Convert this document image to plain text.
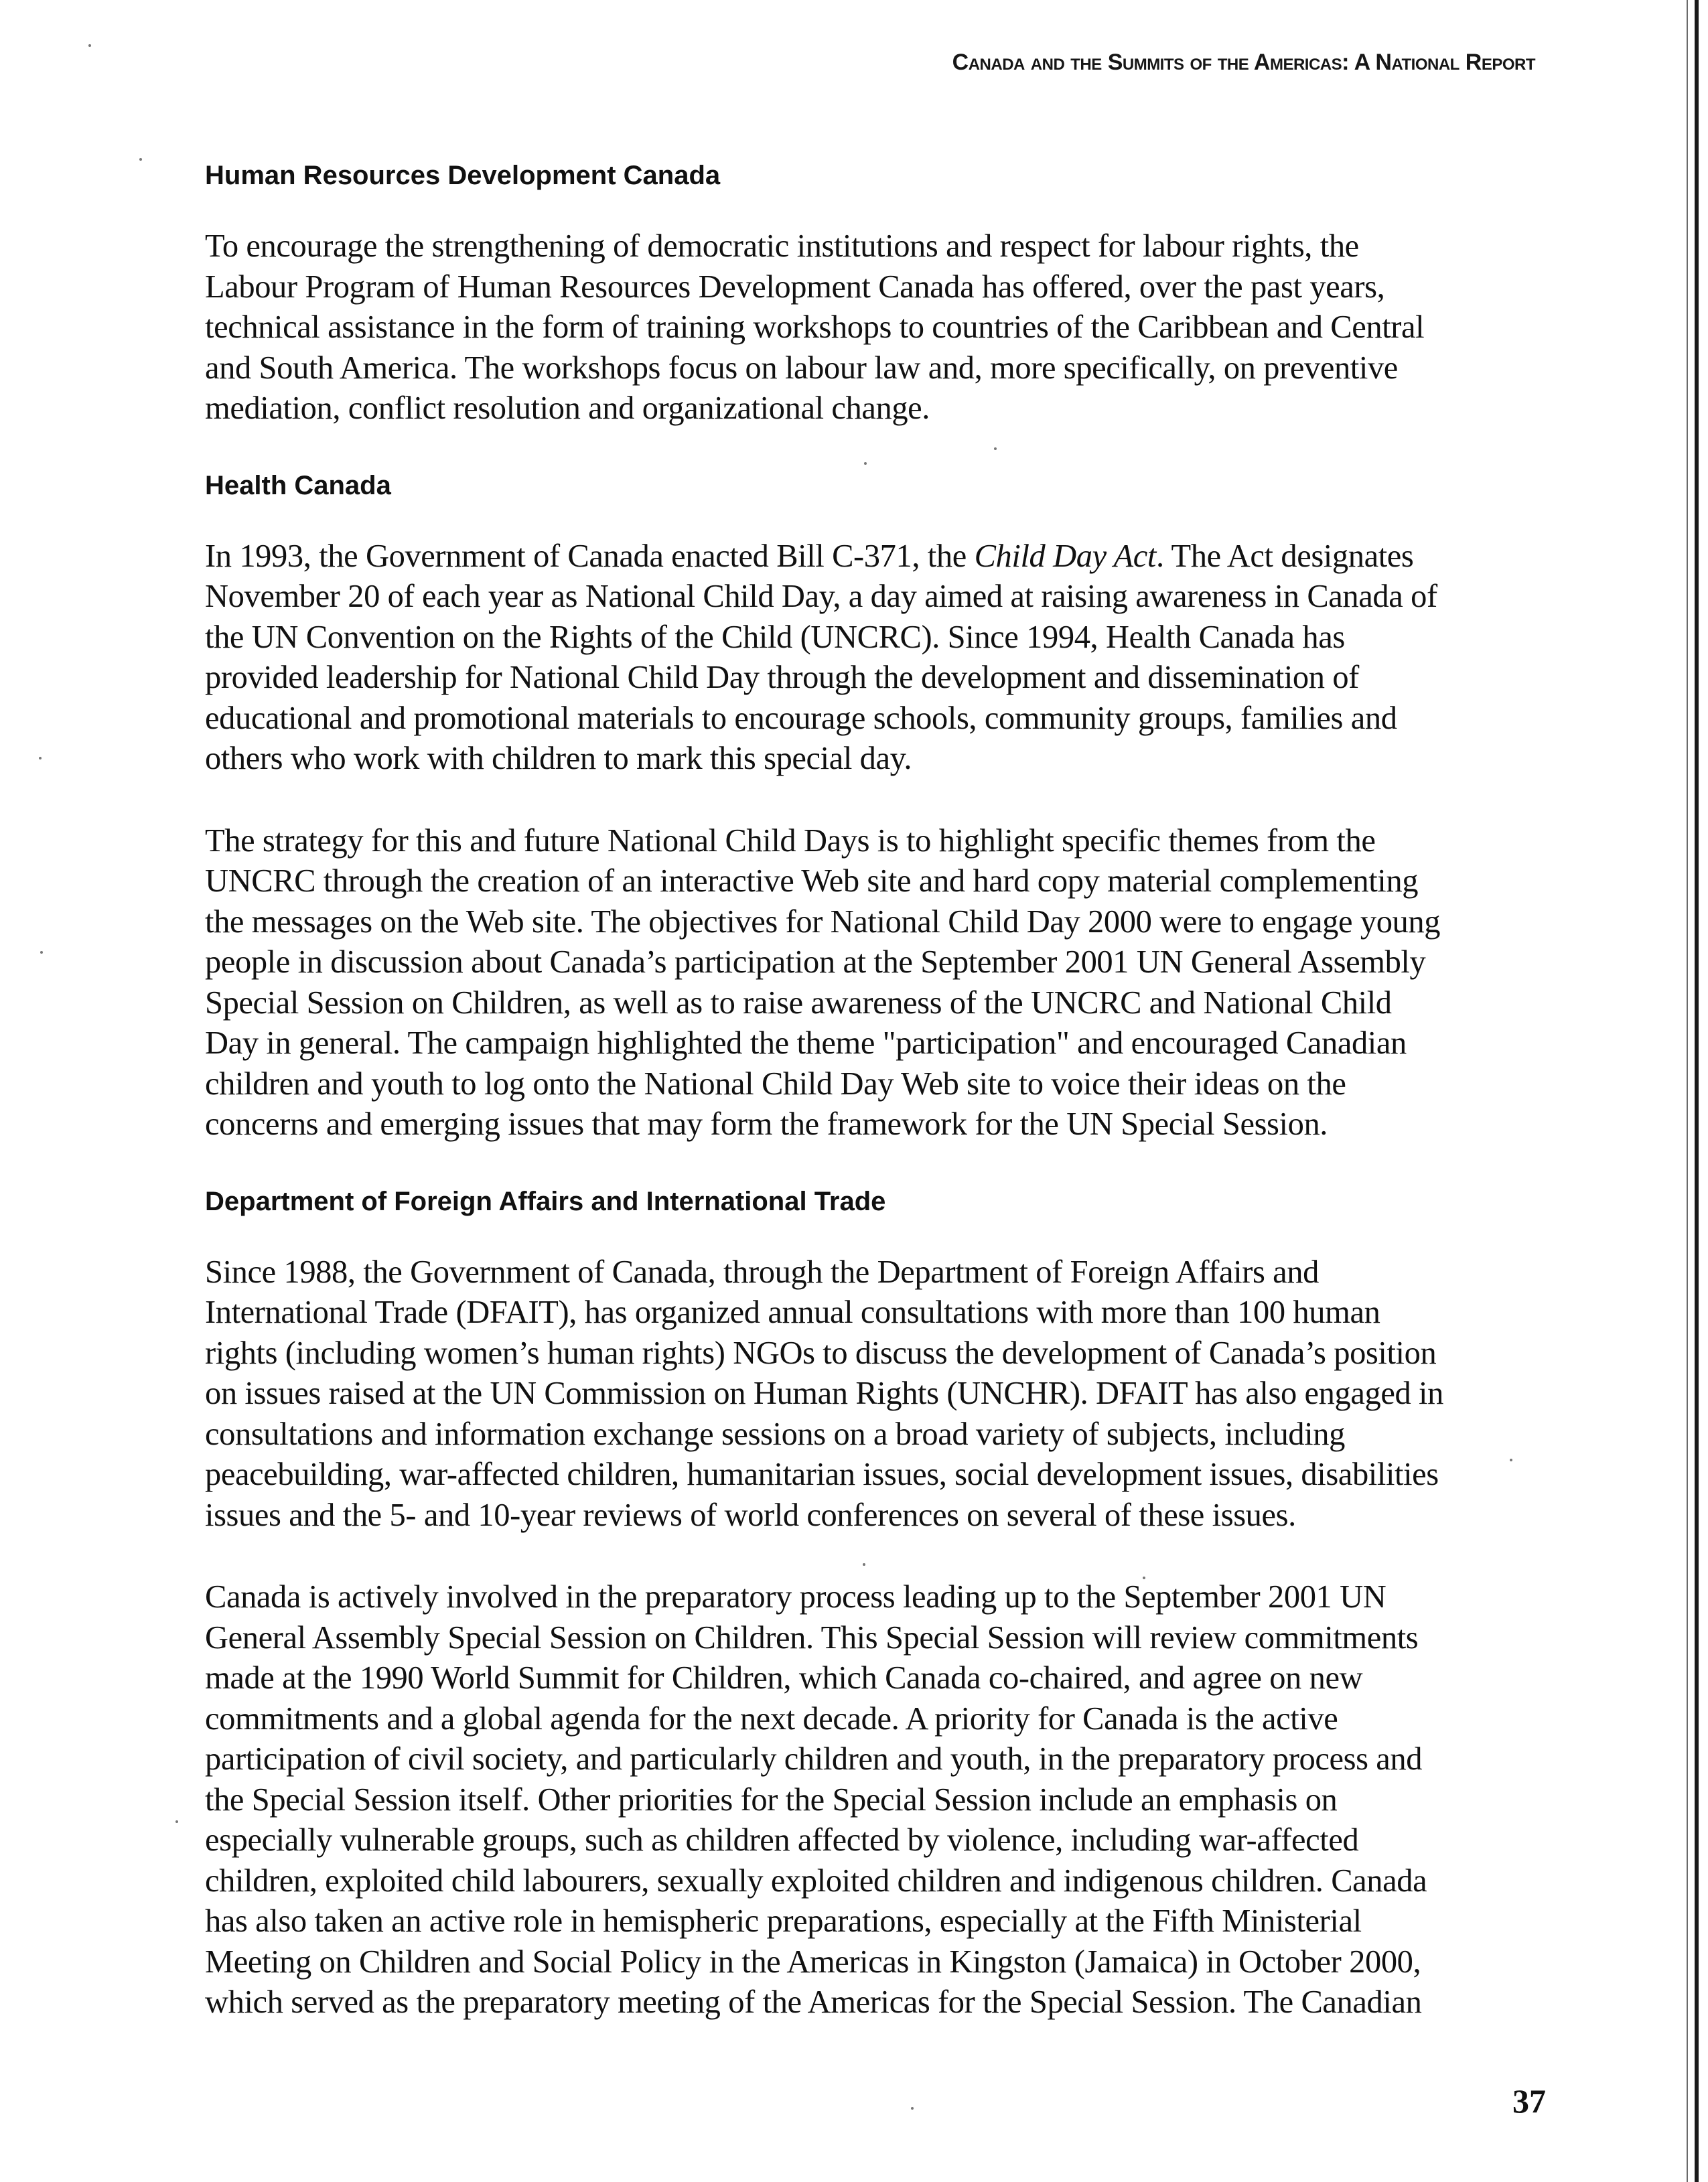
Canada and the Summits of the Americas: A National Report
Human Resources Development Canada

To encourage the strengthening of democratic institutions and respect for labour rights, the
Labour Program of Human Resources Development Canada has offered, over the past years,
technical assistance in the form of training workshops to countries of the Caribbean and Central
and South America. The workshops focus on labour law and, more specifically, on preventive
mediation, conflict resolution and organizational change.

Health Canada

In 1993, the Government of Canada enacted Bill C-371, the Child Day Act. The Act designates
November 20 of each year as National Child Day, a day aimed at raising awareness in Canada of
the UN Convention on the Rights of the Child (UNCRC). Since 1994, Health Canada has
provided leadership for National Child Day through the development and dissemination of
educational and promotional materials to encourage schools, community groups, families and
others who work with children to mark this special day.

The strategy for this and future National Child Days is to highlight specific themes from the
UNCRC through the creation of an interactive Web site and hard copy material complementing
the messages on the Web site. The objectives for National Child Day 2000 were to engage young
people in discussion about Canada’s participation at the September 2001 UN General Assembly
Special Session on Children, as well as to raise awareness of the UNCRC and National Child
Day in general. The campaign highlighted the theme "participation" and encouraged Canadian
children and youth to log onto the National Child Day Web site to voice their ideas on the
concerns and emerging issues that may form the framework for the UN Special Session.

Department of Foreign Affairs and International Trade

Since 1988, the Government of Canada, through the Department of Foreign Affairs and
International Trade (DFAIT), has organized annual consultations with more than 100 human
rights (including women’s human rights) NGOs to discuss the development of Canada’s position
on issues raised at the UN Commission on Human Rights (UNCHR). DFAIT has also engaged in
consultations and information exchange sessions on a broad variety of subjects, including
peacebuilding, war-affected children, humanitarian issues, social development issues, disabilities
issues and the 5- and 10-year reviews of world conferences on several of these issues.

Canada is actively involved in the preparatory process leading up to the September 2001 UN
General Assembly Special Session on Children. This Special Session will review commitments
made at the 1990 World Summit for Children, which Canada co-chaired, and agree on new
commitments and a global agenda for the next decade. A priority for Canada is the active
participation of civil society, and particularly children and youth, in the preparatory process and
the Special Session itself. Other priorities for the Special Session include an emphasis on
especially vulnerable groups, such as children affected by violence, including war-affected
children, exploited child labourers, sexually exploited children and indigenous children. Canada
has also taken an active role in hemispheric preparations, especially at the Fifth Ministerial
Meeting on Children and Social Policy in the Americas in Kingston (Jamaica) in October 2000,
which served as the preparatory meeting of the Americas for the Special Session. The Canadian

37
